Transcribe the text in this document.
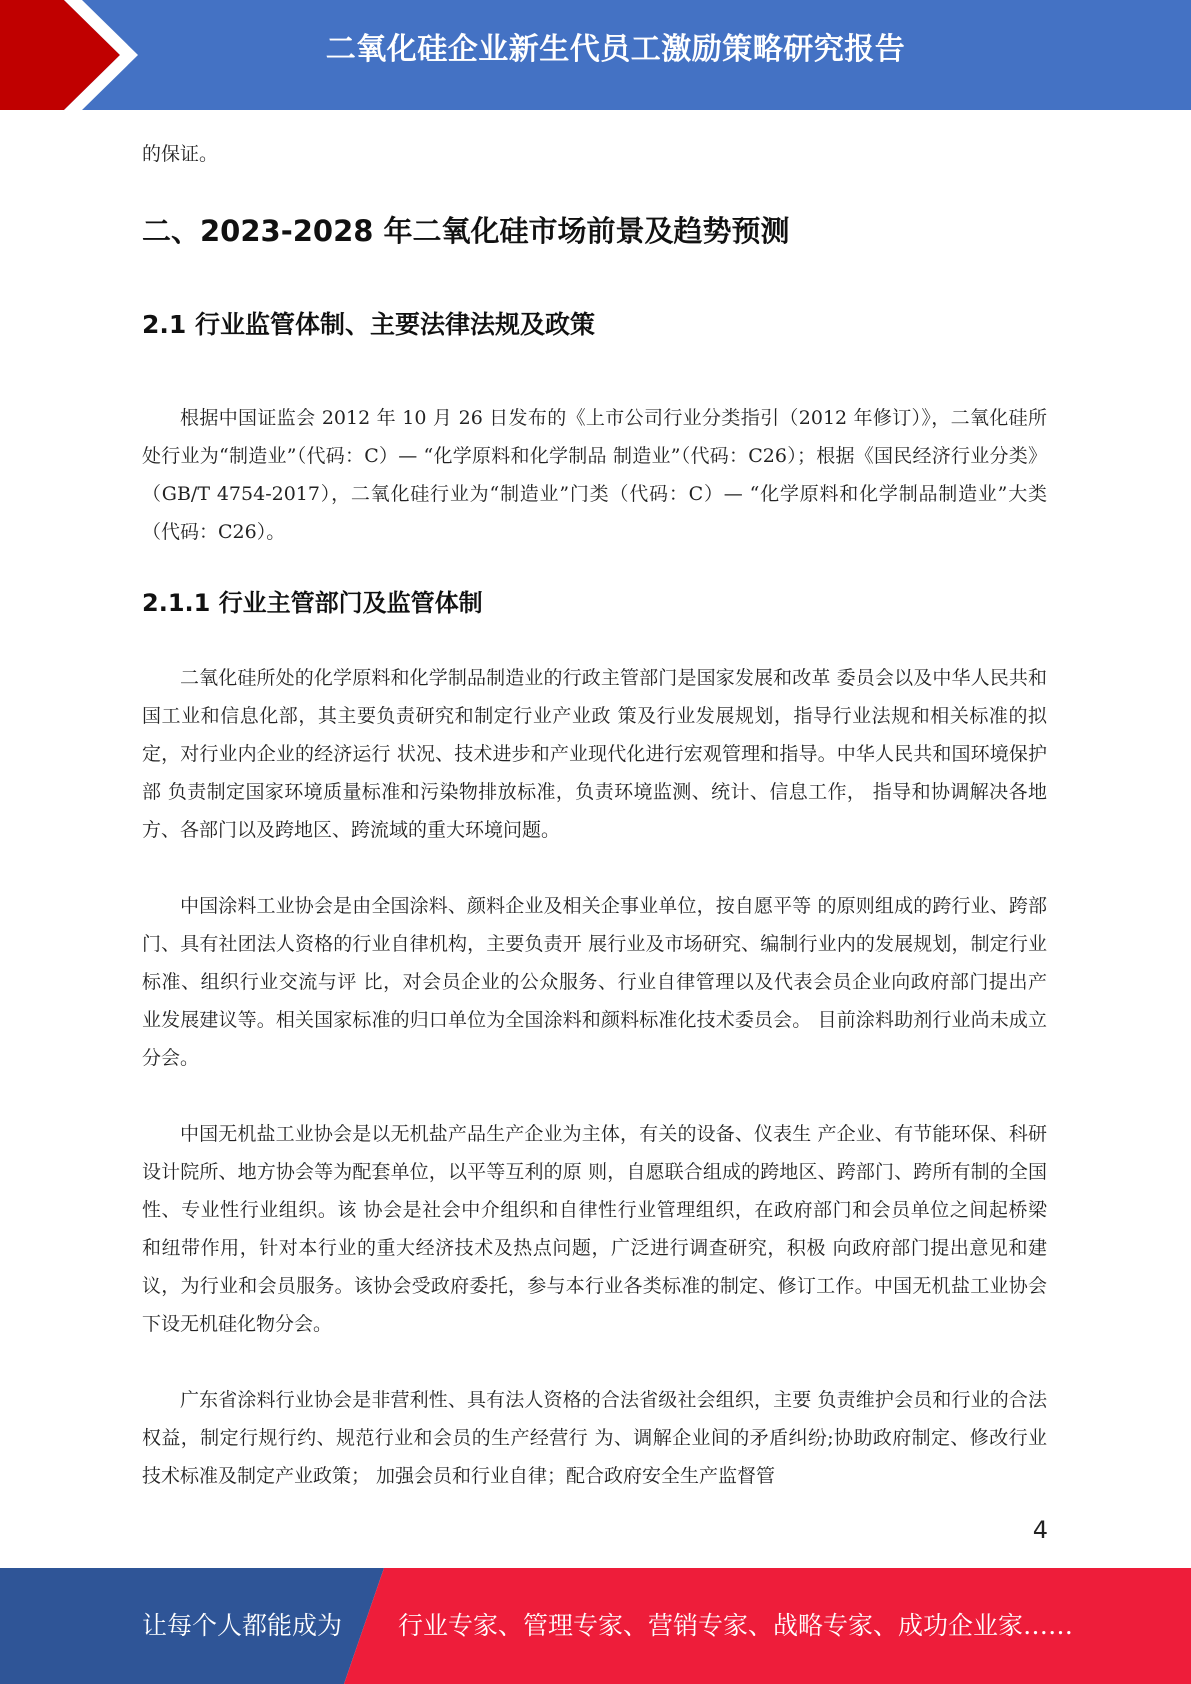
二氧化硅企业新生代员工激励策略研究报告

的保证。

二、2023-2028 年二氧化硅市场前景及趋势预测
2.1 行业监管体制、主要法律法规及政策

根据中国证监会 2012 年 10 月 26 日发布的《上市公司行业分类指引（2012 年修订）》，二氧化硅所处行业为“制造业”（代码：C）— “化学原料和化学制品 制造业”（代码：C26）；根据《国民经济行业分类》（GB/T 4754-2017），二氧化硅行业为“制造业”门类（代码：C）— “化学原料和化学制品制造业”大类（代码：C26）。

2.1.1 行业主管部门及监管体制

二氧化硅所处的化学原料和化学制品制造业的行政主管部门是国家发展和改革 委员会以及中华人民共和国工业和信息化部，其主要负责研究和制定行业产业政 策及行业发展规划，指导行业法规和相关标准的拟定，对行业内企业的经济运行 状况、技术进步和产业现代化进行宏观管理和指导。中华人民共和国环境保护部 负责制定国家环境质量标准和污染物排放标准，负责环境监测、统计、信息工作， 指导和协调解决各地方、各部门以及跨地区、跨流域的重大环境问题。

中国涂料工业协会是由全国涂料、颜料企业及相关企事业单位，按自愿平等 的原则组成的跨行业、跨部门、具有社团法人资格的行业自律机构，主要负责开 展行业及市场研究、编制行业内的发展规划，制定行业标准、组织行业交流与评 比，对会员企业的公众服务、行业自律管理以及代表会员企业向政府部门提出产 业发展建议等。相关国家标准的归口单位为全国涂料和颜料标准化技术委员会。 目前涂料助剂行业尚未成立分会。

中国无机盐工业协会是以无机盐产品生产企业为主体，有关的设备、仪表生 产企业、有节能环保、科研设计院所、地方协会等为配套单位，以平等互利的原 则，自愿联合组成的跨地区、跨部门、跨所有制的全国性、专业性行业组织。该 协会是社会中介组织和自律性行业管理组织，在政府部门和会员单位之间起桥梁 和纽带作用，针对本行业的重大经济技术及热点问题，广泛进行调查研究，积极 向政府部门提出意见和建议，为行业和会员服务。该协会受政府委托，参与本行业各类标准的制定、修订工作。中国无机盐工业协会下设无机硅化物分会。

广东省涂料行业协会是非营利性、具有法人资格的合法省级社会组织，主要 负责维护会员和行业的合法权益，制定行规行约、规范行业和会员的生产经营行 为、调解企业间的矛盾纠纷;协助政府制定、修改行业技术标准及制定产业政策； 加强会员和行业自律；配合政府安全生产监督管

4
让每个人都能成为 行业专家、管理专家、营销专家、战略专家、成功企业家……
